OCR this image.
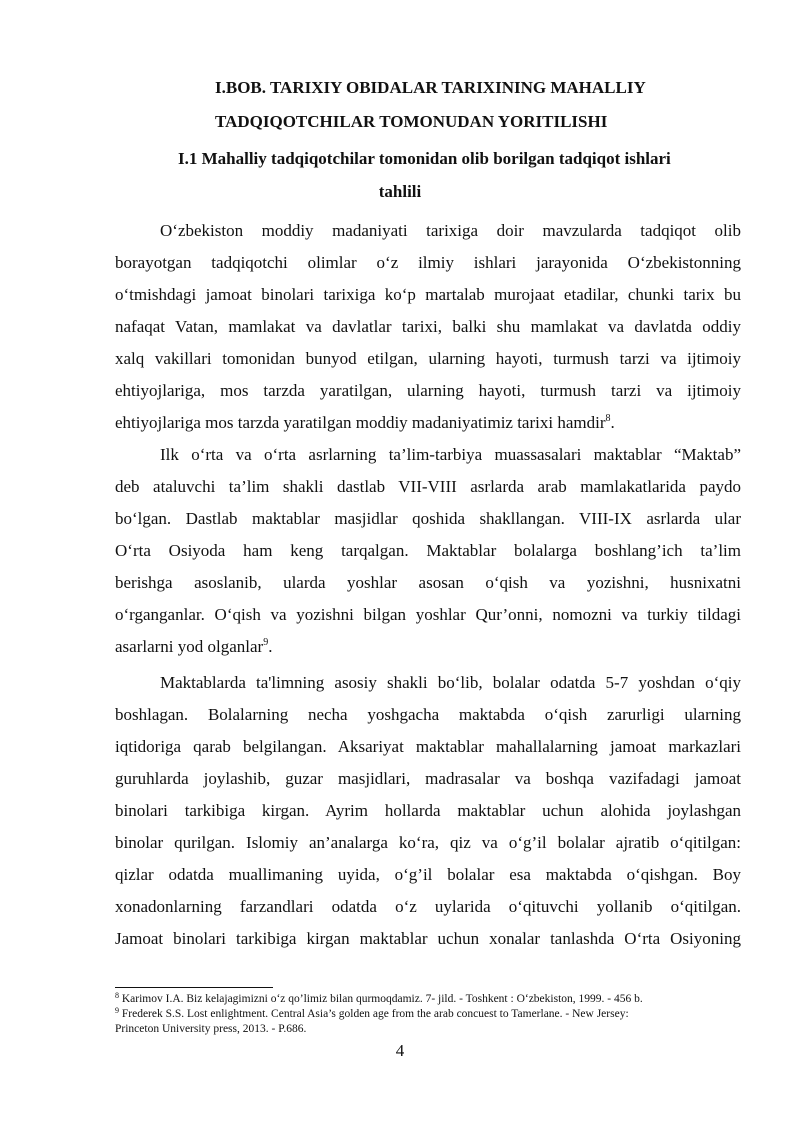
I.BOB. TARIXIY OBIDALAR TARIXINING MAHALLIY
TADQIQOTCHILAR TOMONUDAN YORITILISHI
I.1 Mahalliy tadqiqotchilar tomonidan olib borilgan tadqiqot ishlari
tahlili
O‘zbekiston moddiy madaniyati tarixiga doir mavzularda tadqiqot olib
borayotgan tadqiqotchi olimlar o‘z ilmiy ishlari jarayonida O‘zbekistonning
o‘tmishdagi jamoat binolari tarixiga ko‘p martalab murojaat etadilar, chunki tarix bu
nafaqat Vatan, mamlakat va davlatlar tarixi, balki shu mamlakat va davlatda oddiy
xalq vakillari tomonidan bunyod etilgan, ularning hayoti, turmush tarzi va ijtimoiy
ehtiyojlariga, mos tarzda yaratilgan, ularning hayoti, turmush tarzi va ijtimoiy
ehtiyojlariga mos tarzda yaratilgan moddiy madaniyatimiz tarixi hamdir$^8$.
Ilk o‘rta va o‘rta asrlarning ta’lim-tarbiya muassasalari maktablar “Maktab”
deb ataluvchi ta’lim shakli dastlab VII-VIII asrlarda arab mamlakatlarida paydo
bo‘lgan. Dastlab maktablar masjidlar qoshida shakllangan. VIII-IX asrlarda ular
O‘rta Osiyoda ham keng tarqalgan. Maktablar bolalarga boshlang’ich ta’lim
berishga asoslanib, ularda yoshlar asosan o‘qish va yozishni, husnixatni
o‘rganganlar. O‘qish va yozishni bilgan yoshlar Qur’onni, nomozni va turkiy tildagi
asarlarni yod olganlar$^9$.
Maktablarda ta'limning asosiy shakli bo‘lib, bolalar odatda 5-7 yoshdan o‘qiy
boshlagan. Bolalarning necha yoshgacha maktabda o‘qish zarurligi ularning
iqtidoriga qarab belgilangan. Aksariyat maktablar mahallalarning jamoat markazlari
guruhlarda joylashib, guzar masjidlari, madrasalar va boshqa vazifadagi jamoat
binolari tarkibiga kirgan. Ayrim hollarda maktablar uchun alohida joylashgan
binolar qurilgan. Islomiy an’analarga ko‘ra, qiz va o‘g’il bolalar ajratib o‘qitilgan:
qizlar odatda muallimaning uyida, o‘g’il bolalar esa maktabda o‘qishgan. Boy
xonadonlarning farzandlari odatda o‘z uylarida o‘qituvchi yollanib o‘qitilgan.
Jamoat binolari tarkibiga kirgan maktablar uchun xonalar tanlashda O‘rta Osiyoning
$^8$ Karimov I.A. Biz kelajagimizni o‘z qo’limiz bilan qurmoqdamiz. 7- jild. - Toshkent : O‘zbekiston, 1999. - 456 b.
$^9$ Frederek S.S. Lost enlightment. Central Asia’s golden age from the arab concuest to Tamerlane. - New Jersey:
Princeton University press, 2013. - P.686.
4
